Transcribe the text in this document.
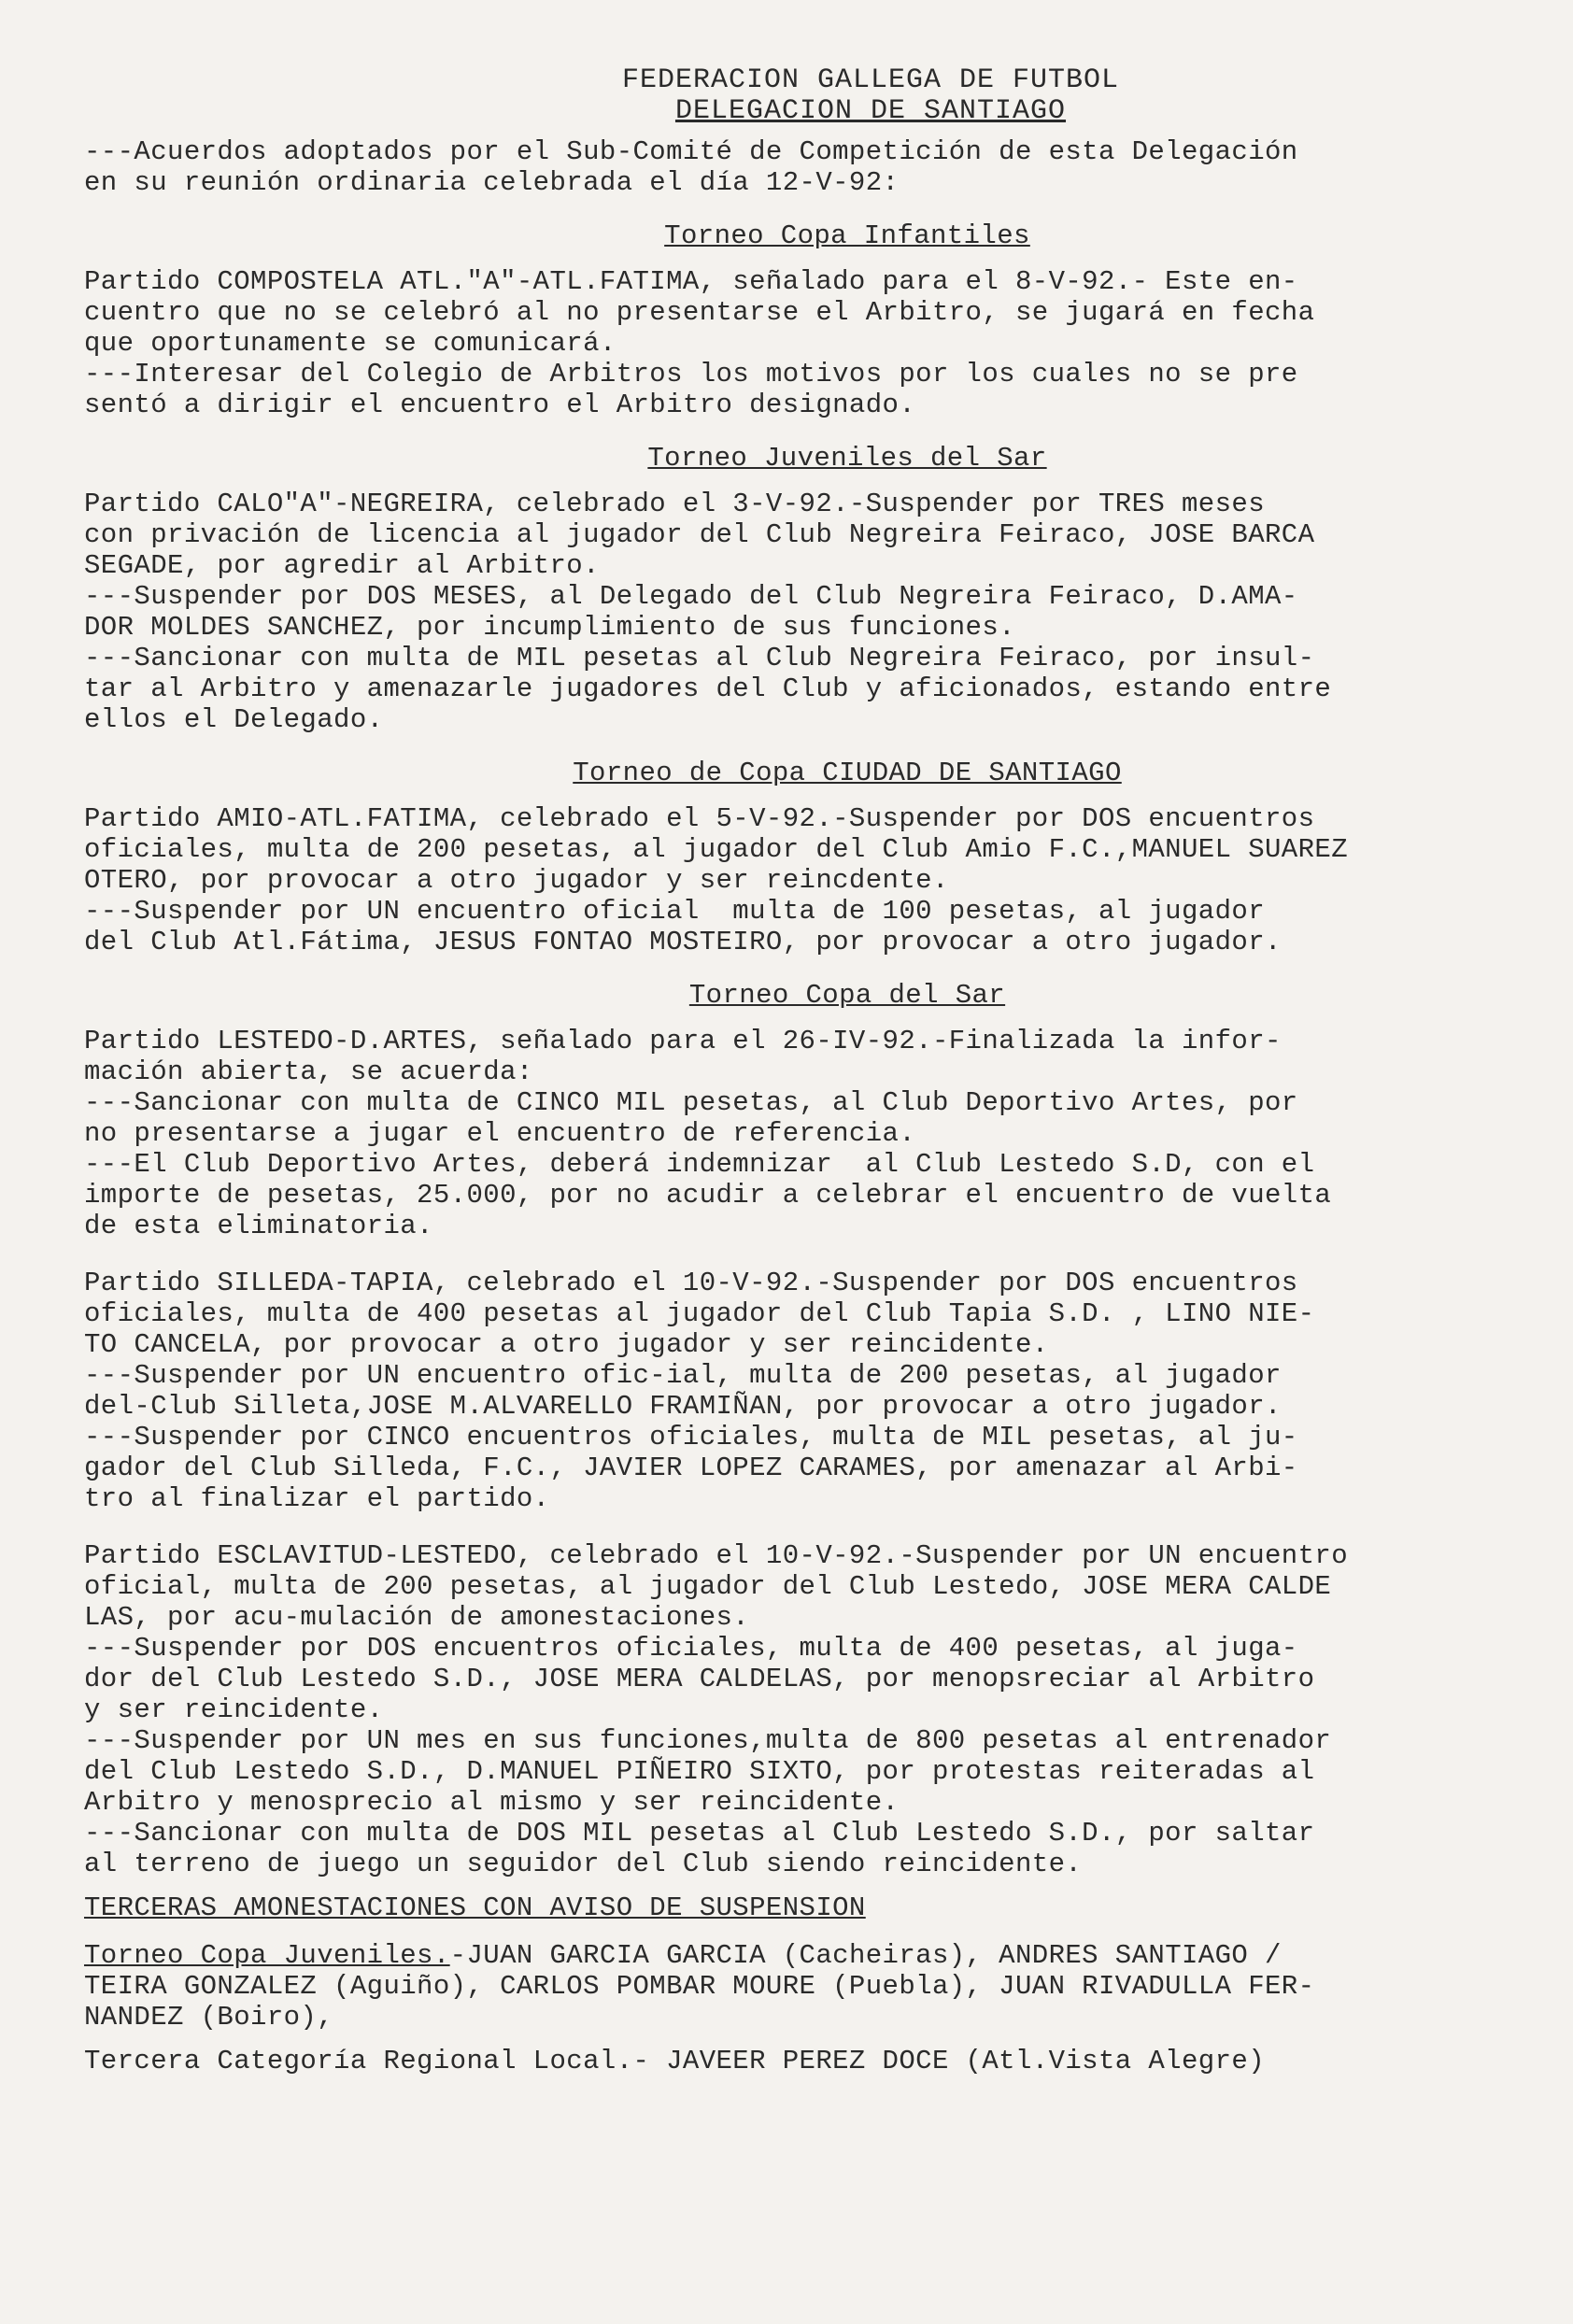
FEDERACION GALLEGA DE FUTBOL
DELEGACION DE SANTIAGO

---Acuerdos adoptados por el Sub-Comité de Competición de esta Delegación
en su reunión ordinaria celebrada el día 12-V-92:

Torneo Copa Infantiles

Partido COMPOSTELA ATL."A"-ATL.FATIMA, señalado para el 8-V-92.- Este en-
cuentro que no se celebró al no presentarse el Arbitro, se jugará en fecha
que oportunamente se comunicará.
---Interesar del Colegio de Arbitros los motivos por los cuales no se pre
sentó a dirigir el encuentro el Arbitro designado.

Torneo Juveniles del Sar

Partido CALO"A"-NEGREIRA, celebrado el 3-V-92.-Suspender por TRES meses
con privación de licencia al jugador del Club Negreira Feiraco, JOSE BARCA
SEGADE, por agredir al Arbitro.
---Suspender por DOS MESES, al Delegado del Club Negreira Feiraco, D.AMA-
DOR MOLDES SANCHEZ, por incumplimiento de sus funciones.
---Sancionar con multa de MIL pesetas al Club Negreira Feiraco, por insul-
tar al Arbitro y amenazarle jugadores del Club y aficionados, estando entre
ellos el Delegado.

Torneo de Copa CIUDAD DE SANTIAGO

Partido AMIO-ATL.FATIMA, celebrado el 5-V-92.-Suspender por DOS encuentros
oficiales, multa de 200 pesetas, al jugador del Club Amio F.C.,MANUEL SUAREZ
OTERO, por provocar a otro jugador y ser reincdente.
---Suspender por UN encuentro oficial  multa de 100 pesetas, al jugador
del Club Atl.Fátima, JESUS FONTAO MOSTEIRO, por provocar a otro jugador.

Torneo Copa del Sar

Partido LESTEDO-D.ARTES, señalado para el 26-IV-92.-Finalizada la infor-
mación abierta, se acuerda:
---Sancionar con multa de CINCO MIL pesetas, al Club Deportivo Artes, por
no presentarse a jugar el encuentro de referencia.
---El Club Deportivo Artes, deberá indemnizar  al Club Lestedo S.D, con el
importe de pesetas, 25.000, por no acudir a celebrar el encuentro de vuelta
de esta eliminatoria.

Partido SILLEDA-TAPIA, celebrado el 10-V-92.-Suspender por DOS encuentros
oficiales, multa de 400 pesetas al jugador del Club Tapia S.D. , LINO NIE-
TO CANCELA, por provocar a otro jugador y ser reincidente.
---Suspender por UN encuentro ofic-ial, multa de 200 pesetas, al jugador
del-Club Silleta,JOSE M.ALVARELLO FRAMIÑAN, por provocar a otro jugador.
---Suspender por CINCO encuentros oficiales, multa de MIL pesetas, al ju-
gador del Club Silleda, F.C., JAVIER LOPEZ CARAMES, por amenazar al Arbi-
tro al finalizar el partido.

Partido ESCLAVITUD-LESTEDO, celebrado el 10-V-92.-Suspender por UN encuentro
oficial, multa de 200 pesetas, al jugador del Club Lestedo, JOSE MERA CALDE
LAS, por acu-mulación de amonestaciones.
---Suspender por DOS encuentros oficiales, multa de 400 pesetas, al juga-
dor del Club Lestedo S.D., JOSE MERA CALDELAS, por menopsreciar al Arbitro
y ser reincidente.
---Suspender por UN mes en sus funciones,multa de 800 pesetas al entrenador
del Club Lestedo S.D., D.MANUEL PIÑEIRO SIXTO, por protestas reiteradas al
Arbitro y menosprecio al mismo y ser reincidente.
---Sancionar con multa de DOS MIL pesetas al Club Lestedo S.D., por saltar
al terreno de juego un seguidor del Club siendo reincidente.

TERCERAS AMONESTACIONES CON AVISO DE SUSPENSION

Torneo Copa Juveniles.-JUAN GARCIA GARCIA (Cacheiras), ANDRES SANTIAGO /
TEIRA GONZALEZ (Aguiño), CARLOS POMBAR MOURE (Puebla), JUAN RIVADULLA FER-
NANDEZ (Boiro),

Tercera Categoría Regional Local.- JAVEER PEREZ DOCE (Atl.Vista Alegre)
